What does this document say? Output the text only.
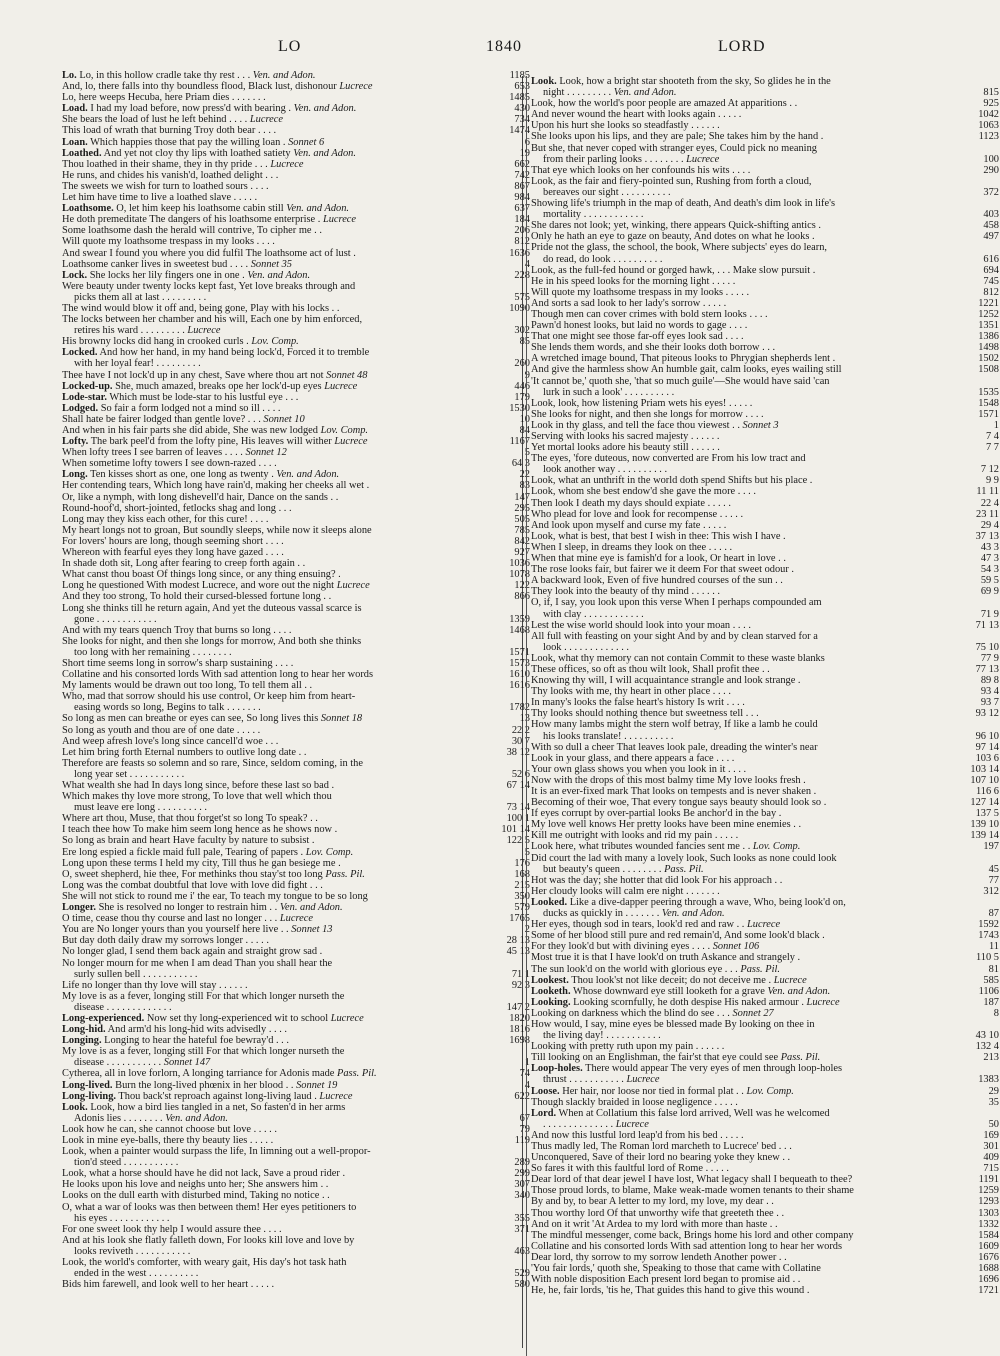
LO	1840	LORD
Lo. Lo, in this hollow cradle take thy rest . . . Ven. and Adon.	1185
And, lo, there falls into thy boundless flood, Black lust, dishonour Lucrece	653
Lo, here weeps Hecuba, here Priam dies . . . . . . .	1485
Load. I had my load before, now press'd with bearing . Ven. and Adon.	430
She bears the load of lust he left behind . . . . Lucrece	734
This load of wrath that burning Troy doth bear . . . .	1474
Loan. Which happies those that pay the willing loan . Sonnet 6	6
Loathed. And yet not cloy thy lips with loathed satiety Ven. and Adon.	19
Thou loathed in their shame, they in thy pride . . . Lucrece	662
He runs, and chides his vanish'd, loathed delight . . .	742
The sweets we wish for turn to loathed sours . . . .	867
Let him have time to live a loathed slave . . . . .	984
Loathsome. O, let him keep his loathsome cabin still Ven. and Adon.	637
He doth premeditate The dangers of his loathsome enterprise . Lucrece	184
Some loathsome dash the herald will contrive, To cipher me . .	206
Will quote my loathsome trespass in my looks . . . .	812
And swear I found you where you did fulfil The loathsome act of lust .	1636
Loathsome canker lives in sweetest bud . . . . Sonnet 35	4
Lock. She locks her lily fingers one in one . Ven. and Adon.	228
Were beauty under twenty locks kept fast, Yet love breaks through and
picks them all at last . . . . . . . . .	575
The wind would blow it off and, being gone, Play with his locks . .	1090
The locks between her chamber and his will, Each one by him enforced,
retires his ward . . . . . . . . . Lucrece	302
His browny locks did hang in crooked curls . Lov. Comp.	85
Locked. And how her hand, in my hand being lock'd, Forced it to tremble
with her loyal fear! . . . . . . . . .	260
Thee have I not lock'd up in any chest, Save where thou art not Sonnet 48	9
Locked-up. She, much amazed, breaks ope her lock'd-up eyes Lucrece	446
Lode-star. Which must be lode-star to his lustful eye . . .	179
Lodged. So fair a form lodged not a mind so ill . . . .	1530
Shall hate be fairer lodged than gentle love? . . . Sonnet 10	10
And when in his fair parts she did abide, She was new lodged Lov. Comp.	84
Lofty. The bark peel'd from the lofty pine, His leaves will wither Lucrece	1167
When lofty trees I see barren of leaves . . . . Sonnet 12	5
When sometime lofty towers I see down-razed . . . .	64 3
Long. Ten kisses short as one, one long as twenty . Ven. and Adon.	22
Her contending tears, Which long have rain'd, making her cheeks all wet .	83
Or, like a nymph, with long dishevell'd hair, Dance on the sands . .	147
Round-hoof'd, short-jointed, fetlocks shag and long . . .	295
Long may they kiss each other, for this cure! . . . .	505
My heart longs not to groan, But soundly sleeps, while now it sleeps alone	785
For lovers' hours are long, though seeming short . . . .	842
Whereon with fearful eyes they long have gazed . . . .	927
In shade doth sit, Long after fearing to creep forth again . .	1036
What canst thou boast Of things long since, or any thing ensuing? .	1078
Long he questioned With modest Lucrece, and wore out the night Lucrece	122
And they too strong, To hold their cursed-blessed fortune long . .	866
Long she thinks till he return again, And yet the duteous vassal scarce is
gone . . . . . . . . . . . .	1359
And with my tears quench Troy that burns so long . . . .	1468
She looks for night, and then she longs for morrow, And both she thinks
too long with her remaining . . . . . . . .	1571
Short time seems long in sorrow's sharp sustaining . . . .	1573
Collatine and his consorted lords With sad attention long to hear her words	1610
My laments would be drawn out too long, To tell them all . .	1616
Who, mad that sorrow should his use control, Or keep him from heart-
easing words so long, Begins to talk . . . . . . .	1782
So long as men can breathe or eyes can see, So long lives this Sonnet 18	13
So long as youth and thou are of one date . . . . .	22 2
And weep afresh love's long since cancell'd woe . . .	30 7
Let him bring forth Eternal numbers to outlive long date . .	38 12
Therefore are feasts so solemn and so rare, Since, seldom coming, in the
long year set . . . . . . . . . . .	52 6
What wealth she had In days long since, before these last so bad .	67 14
Which makes thy love more strong, To love that well which thou
must leave ere long . . . . . . . . . .	73 14
Where art thou, Muse, that thou forget'st so long To speak? . .	100 1
I teach thee how To make him seem long hence as he shows now .	101 14
So long as brain and heart Have faculty by nature to subsist .	122 5
Ere long espied a fickle maid full pale, Tearing of papers . Lov. Comp.	5
Long upon these terms I held my city, Till thus he gan besiege me .	176
O, sweet shepherd, hie thee, For methinks thou stay'st too long Pass. Pil.	168
Long was the combat doubtful that love with love did fight . . .	215
She will not stick to round me i' the ear, To teach my tongue to be so long	350
Longer. She is resolved no longer to restrain him . . Ven. and Adon.	579
O time, cease thou thy course and last no longer . . . Lucrece	1765
You are No longer yours than you yourself here live . . Sonnet 13	2
But day doth daily draw my sorrows longer . . . . .	28 13
No longer glad, I send them back again and straight grow sad .	45 13
No longer mourn for me when I am dead Than you shall hear the
surly sullen bell . . . . . . . . . . .	71 1
Life no longer than thy love will stay . . . . . .	92 3
My love is as a fever, longing still For that which longer nurseth the
disease . . . . . . . . . . . . .	147 2
Long-experienced. Now set thy long-experienced wit to school Lucrece	1820
Long-hid. And arm'd his long-hid wits advisedly . . . .	1816
Longing. Longing to hear the hateful foe bewray'd . . .	1698
My love is as a fever, longing still For that which longer nurseth the
disease . . . . . . . . . . . Sonnet 147	1
Cytherea, all in love forlorn, A longing tarriance for Adonis made Pass. Pil.	74
Long-lived. Burn the long-lived phœnix in her blood . . Sonnet 19	4
Long-living. Thou back'st reproach against long-living laud . Lucrece	622
Look. Look, how a bird lies tangled in a net, So fasten'd in her arms
Adonis lies . . . . . . . . Ven. and Adon.	67
Look how he can, she cannot choose but love . . . . .	79
Look in mine eye-balls, there thy beauty lies . . . . .	119
Look, when a painter would surpass the life, In limning out a well-propor-
tion'd steed . . . . . . . . . . .	289
Look, what a horse should have he did not lack, Save a proud rider .	299
He looks upon his love and neighs unto her; She answers him . .	307
Looks on the dull earth with disturbed mind, Taking no notice . .	340
O, what a war of looks was then between them! Her eyes petitioners to
his eyes . . . . . . . . . . . .	355
For one sweet look thy help I would assure thee . . . .	371
And at his look she flatly falleth down, For looks kill love and love by
looks reviveth . . . . . . . . . . .	463
Look, the world's comforter, with weary gait, His day's hot task hath
ended in the west . . . . . . . . . .	529
Bids him farewell, and look well to her heart . . . . .	580
Look. Look, how a bright star shooteth from the sky, So glides he in the
night . . . . . . . . . Ven. and Adon.	815
Look, how the world's poor people are amazed At apparitions . .	925
And never wound the heart with looks again . . . . .	1042
Upon his hurt she looks so steadfastly . . . . . .	1063
She looks upon his lips, and they are pale; She takes him by the hand .	1123
But she, that never coped with stranger eyes, Could pick no meaning
from their parling looks . . . . . . . . Lucrece	100
That eye which looks on her confounds his wits . . . .	290
Look, as the fair and fiery-pointed sun, Rushing from forth a cloud,
bereaves our sight . . . . . . . . . .	372
Showing life's triumph in the map of death, And death's dim look in life's
mortality . . . . . . . . . . . .	403
She dares not look; yet, winking, there appears Quick-shifting antics .	458
Only he hath an eye to gaze on beauty, And dotes on what he looks .	497
Pride not the glass, the school, the book, Where subjects' eyes do learn,
do read, do look . . . . . . . . . .	616
Look, as the full-fed hound or gorged hawk, . . . Make slow pursuit .	694
He in his speed looks for the morning light . . . . .	745
Will quote my loathsome trespass in my looks . . . . .	812
And sorts a sad look to her lady's sorrow . . . . .	1221
Though men can cover crimes with bold stern looks . . . .	1252
Pawn'd honest looks, but laid no words to gage . . . .	1351
That one might see those far-off eyes look sad . . . .	1386
She lends them words, and she their looks doth borrow . . .	1498
A wretched image bound, That piteous looks to Phrygian shepherds lent .	1502
And give the harmless show An humble gait, calm looks, eyes wailing still	1508
'It cannot be,' quoth she, 'that so much guile'—She would have said 'can
lurk in such a look' . . . . . . . . . .	1535
Look, look, how listening Priam wets his eyes! . . . . .	1548
She looks for night, and then she longs for morrow . . . .	1571
Look in thy glass, and tell the face thou viewest . . Sonnet 3	1
Serving with looks his sacred majesty . . . . . .	7 4
Yet mortal looks adore his beauty still . . . . . .	7 7
The eyes, 'fore duteous, now converted are From his low tract and
look another way . . . . . . . . . .	7 12
Look, what an unthrift in the world doth spend Shifts but his place .	9 9
Look, whom she best endow'd she gave the more . . . .	11 11
Then look I death my days should expiate . . . . .	22 4
Who plead for love and look for recompense . . . . .	23 11
And look upon myself and curse my fate . . . . .	29 4
Look, what is best, that best I wish in thee: This wish I have .	37 13
When I sleep, in dreams they look on thee . . . . .	43 3
When that mine eye is famish'd for a look, Or heart in love . .	47 3
The rose looks fair, but fairer we it deem For that sweet odour .	54 3
A backward look, Even of five hundred courses of the sun . .	59 5
They look into the beauty of thy mind . . . . . .	69 9
O, if, I say, you look upon this verse When I perhaps compounded am
with clay . . . . . . . . . . . .	71 9
Lest the wise world should look into your moan . . . .	71 13
All full with feasting on your sight And by and by clean starved for a
look . . . . . . . . . . . . .	75 10
Look, what thy memory can not contain Commit to these waste blanks	77 9
These offices, so oft as thou wilt look, Shall profit thee . .	77 13
Knowing thy will, I will acquaintance strangle and look strange .	89 8
Thy looks with me, thy heart in other place . . . .	93 4
In many's looks the false heart's history Is writ . . . .	93 7
Thy looks should nothing thence but sweetness tell . . .	93 12
How many lambs might the stern wolf betray, If like a lamb he could
his looks translate! . . . . . . . . . .	96 10
With so dull a cheer That leaves look pale, dreading the winter's near	97 14
Look in your glass, and there appears a face . . . .	103 6
Your own glass shows you when you look in it . . . .	103 14
Now with the drops of this most balmy time My love looks fresh .	107 10
It is an ever-fixed mark That looks on tempests and is never shaken .	116 6
Becoming of their woe, That every tongue says beauty should look so .	127 14
If eyes corrupt by over-partial looks Be anchor'd in the bay .	137 5
My love well knows Her pretty looks have been mine enemies . .	139 10
Kill me outright with looks and rid my pain . . . . .	139 14
Look here, what tributes wounded fancies sent me . . Lov. Comp.	197
Did court the lad with many a lovely look, Such looks as none could look
but beauty's queen . . . . . . . . Pass. Pil.	45
Hot was the day; she hotter that did look For his approach . .	77
Her cloudy looks will calm ere night . . . . . . .	312
Looked. Like a dive-dapper peering through a wave, Who, being look'd on,
ducks as quickly in . . . . . . . Ven. and Adon.	87
Her eyes, though sod in tears, look'd red and raw . . Lucrece	1592
Some of her blood still pure and red remain'd, And some look'd black .	1743
For they look'd but with divining eyes . . . . Sonnet 106	11
Most true it is that I have look'd on truth Askance and strangely .	110 5
The sun look'd on the world with glorious eye . . . Pass. Pil.	81
Lookest. Thou look'st not like deceit; do not deceive me . Lucrece	585
Looketh. Whose downward eye still looketh for a grave Ven. and Adon.	1106
Looking. Looking scornfully, he doth despise His naked armour . Lucrece	187
Looking on darkness which the blind do see . . . Sonnet 27	8
How would, I say, mine eyes be blessed made By looking on thee in
the living day! . . . . . . . . . . .	43 10
Looking with pretty ruth upon my pain . . . . . .	132 4
Till looking on an Englishman, the fair'st that eye could see Pass. Pil.	213
Loop-holes. There would appear The very eyes of men through loop-holes
thrust . . . . . . . . . . . Lucrece	1383
Loose. Her hair, nor loose nor tied in formal plat . . Lov. Comp.	29
Though slackly braided in loose negligence . . . . .	35
Lord. When at Collatium this false lord arrived, Well was he welcomed
. . . . . . . . . . . . . . Lucrece	50
And now this lustful lord leap'd from his bed . . . . .	169
Thus madly led, The Roman lord marcheth to Lucrece' bed . . .	301
Unconquered, Save of their lord no bearing yoke they knew . .	409
So fares it with this faultful lord of Rome . . . . .	715
Dear lord of that dear jewel I have lost, What legacy shall I bequeath to thee?	1191
Those proud lords, to blame, Make weak-made women tenants to their shame	1259
By and by, to bear A letter to my lord, my love, my dear . .	1293
Thou worthy lord Of that unworthy wife that greeteth thee . .	1303
And on it writ 'At Ardea to my lord with more than haste . .	1332
The mindful messenger, come back, Brings home his lord and other company	1584
Collatine and his consorted lords With sad attention long to hear her words	1609
Dear lord, thy sorrow to my sorrow lendeth Another power . .	1676
'You fair lords,' quoth she, Speaking to those that came with Collatine	1688
With noble disposition Each present lord began to promise aid . .	1696
He, he, fair lords, 'tis he, That guides this hand to give this wound .	1721
